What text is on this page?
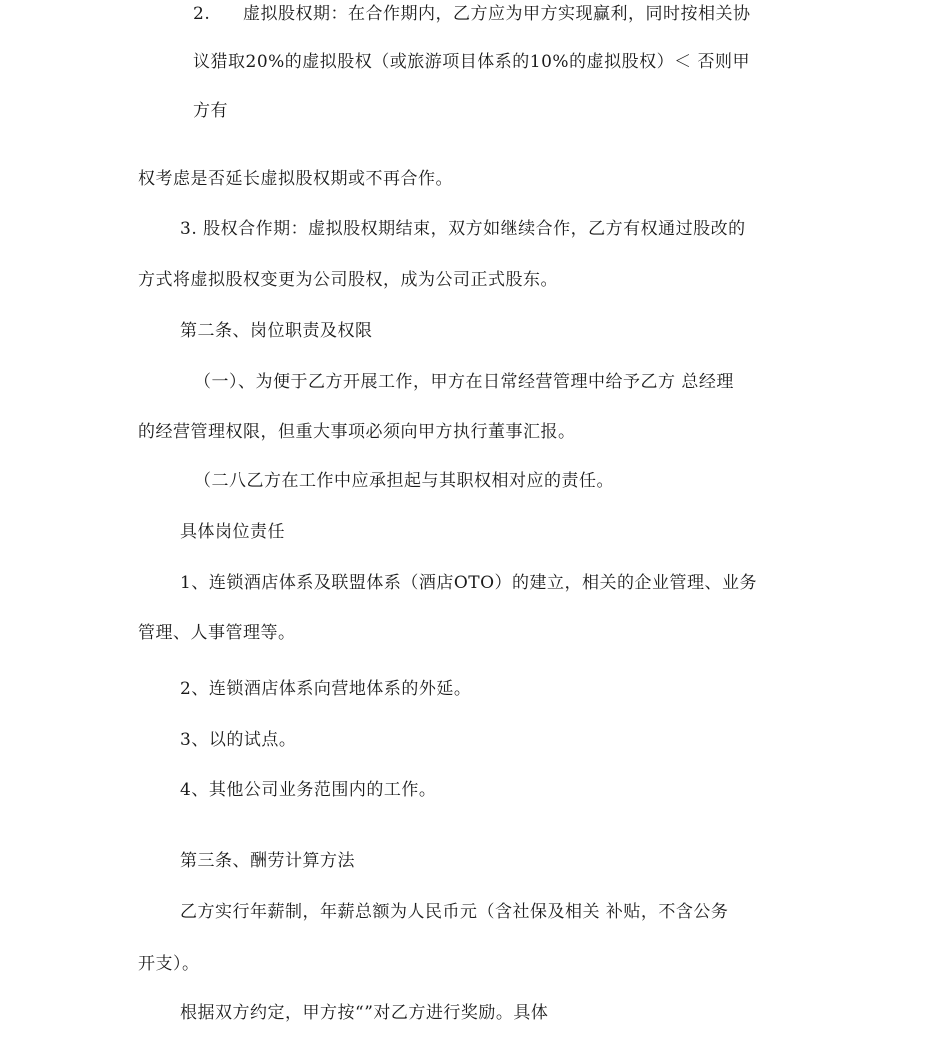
2. 虚拟股权期：在合作期内，乙方应为甲方实现赢利，同时按相关协
议猎取20%的虚拟股权（或旅游项目体系的10%的虚拟股权）＜ 否则甲
方有
权考虑是否延长虚拟股权期或不再合作。
3. 股权合作期：虚拟股权期结束，双方如继续合作，乙方有权通过股改的
方式将虚拟股权变更为公司股权，成为公司正式股东。
第二条、岗位职责及权限
（一）、为便于乙方开展工作，甲方在日常经营管理中给予乙方 总经理
的经营管理权限，但重大事项必须向甲方执行董事汇报。
（二八乙方在工作中应承担起与其职权相对应的责任。
具体岗位责任
1、连锁酒店体系及联盟体系（酒店OTO）的建立，相关的企业管理、业务
管理、人事管理等。
2、连锁酒店体系向营地体系的外延。
3、以的试点。
4、其他公司业务范围内的工作。
第三条、酬劳计算方法
乙方实行年薪制，年薪总额为人民币元（含社保及相关 补贴，不含公务
开支）。
根据双方约定，甲方按“”对乙方进行奖励。具体
